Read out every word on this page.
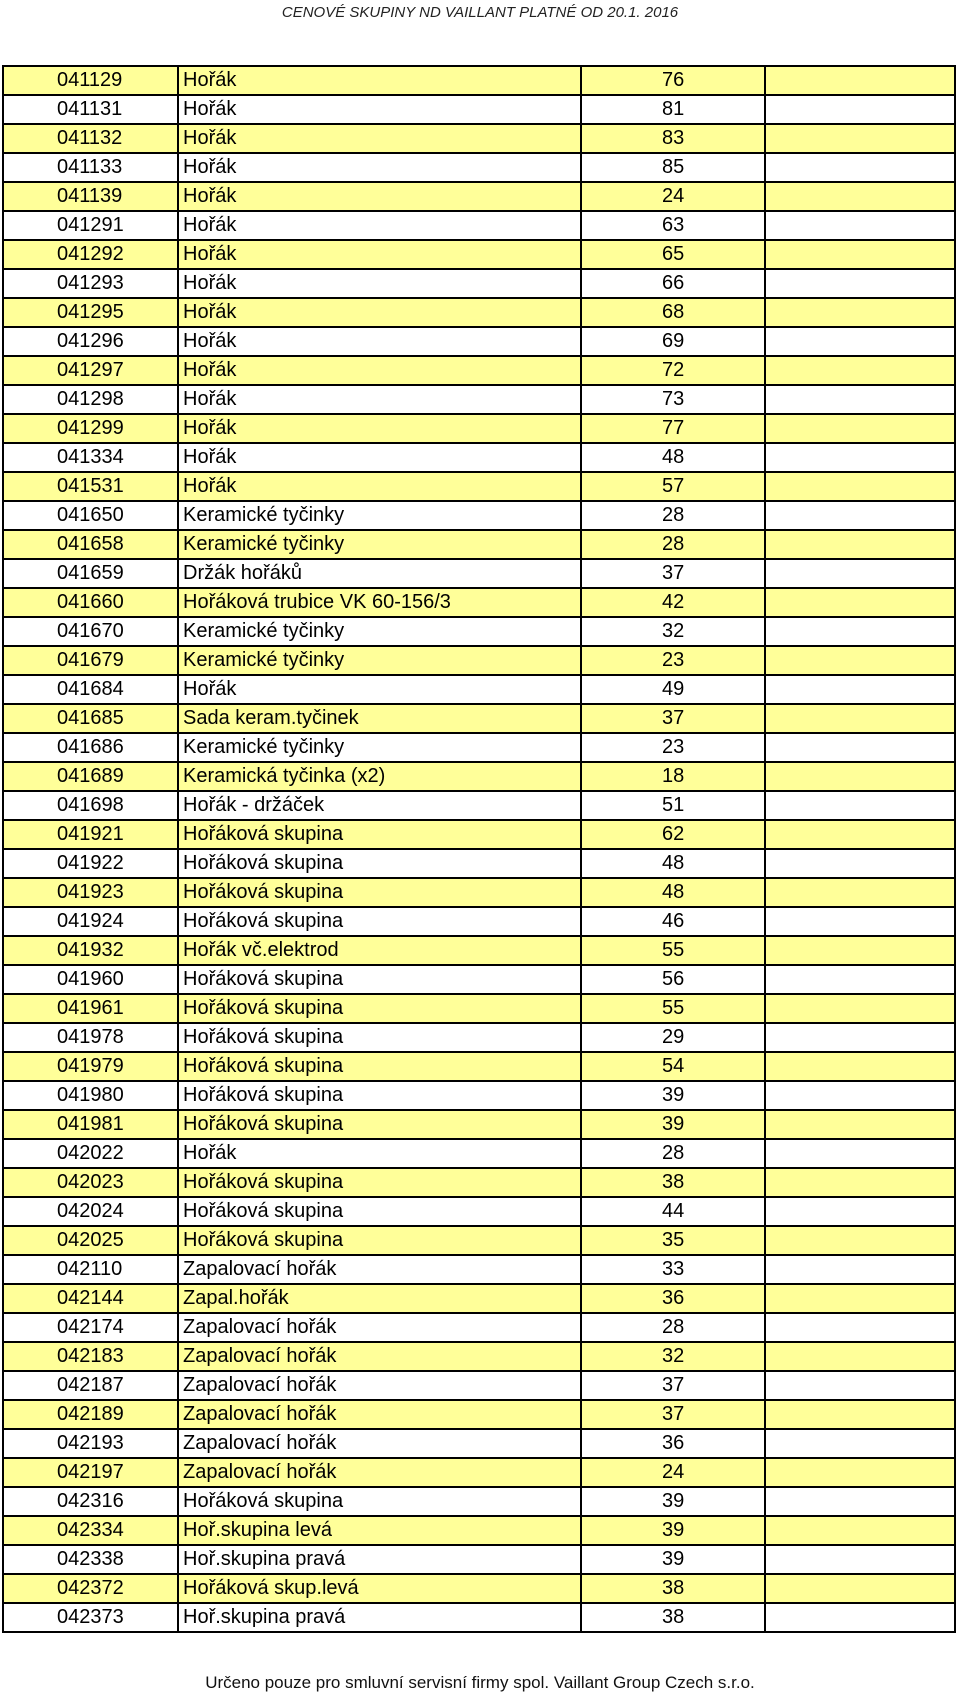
CENOVÉ SKUPINY ND VAILLANT PLATNÉ OD 20.1. 2016
041129	Hořák	76	
041131	Hořák	81	
041132	Hořák	83	
041133	Hořák	85	
041139	Hořák	24	
041291	Hořák	63	
041292	Hořák	65	
041293	Hořák	66	
041295	Hořák	68	
041296	Hořák	69	
041297	Hořák	72	
041298	Hořák	73	
041299	Hořák	77	
041334	Hořák	48	
041531	Hořák	57	
041650	Keramické tyčinky	28	
041658	Keramické tyčinky	28	
041659	Držák hořáků	37	
041660	Hořáková trubice VK 60-156/3	42	
041670	Keramické tyčinky	32	
041679	Keramické tyčinky	23	
041684	Hořák	49	
041685	Sada keram.tyčinek	37	
041686	Keramické tyčinky	23	
041689	Keramická tyčinka (x2)	18	
041698	Hořák - držáček	51	
041921	Hořáková skupina	62	
041922	Hořáková skupina	48	
041923	Hořáková skupina	48	
041924	Hořáková skupina	46	
041932	Hořák vč.elektrod	55	
041960	Hořáková skupina	56	
041961	Hořáková skupina	55	
041978	Hořáková skupina	29	
041979	Hořáková skupina	54	
041980	Hořáková skupina	39	
041981	Hořáková skupina	39	
042022	Hořák	28	
042023	Hořáková skupina	38	
042024	Hořáková skupina	44	
042025	Hořáková skupina	35	
042110	Zapalovací hořák	33	
042144	Zapal.hořák	36	
042174	Zapalovací hořák	28	
042183	Zapalovací hořák	32	
042187	Zapalovací hořák	37	
042189	Zapalovací hořák	37	
042193	Zapalovací hořák	36	
042197	Zapalovací hořák	24	
042316	Hořáková skupina	39	
042334	Hoř.skupina levá	39	
042338	Hoř.skupina pravá	39	
042372	Hořáková skup.levá	38	
042373	Hoř.skupina pravá	38	
Určeno pouze pro smluvní servisní firmy spol. Vaillant Group Czech s.r.o.
